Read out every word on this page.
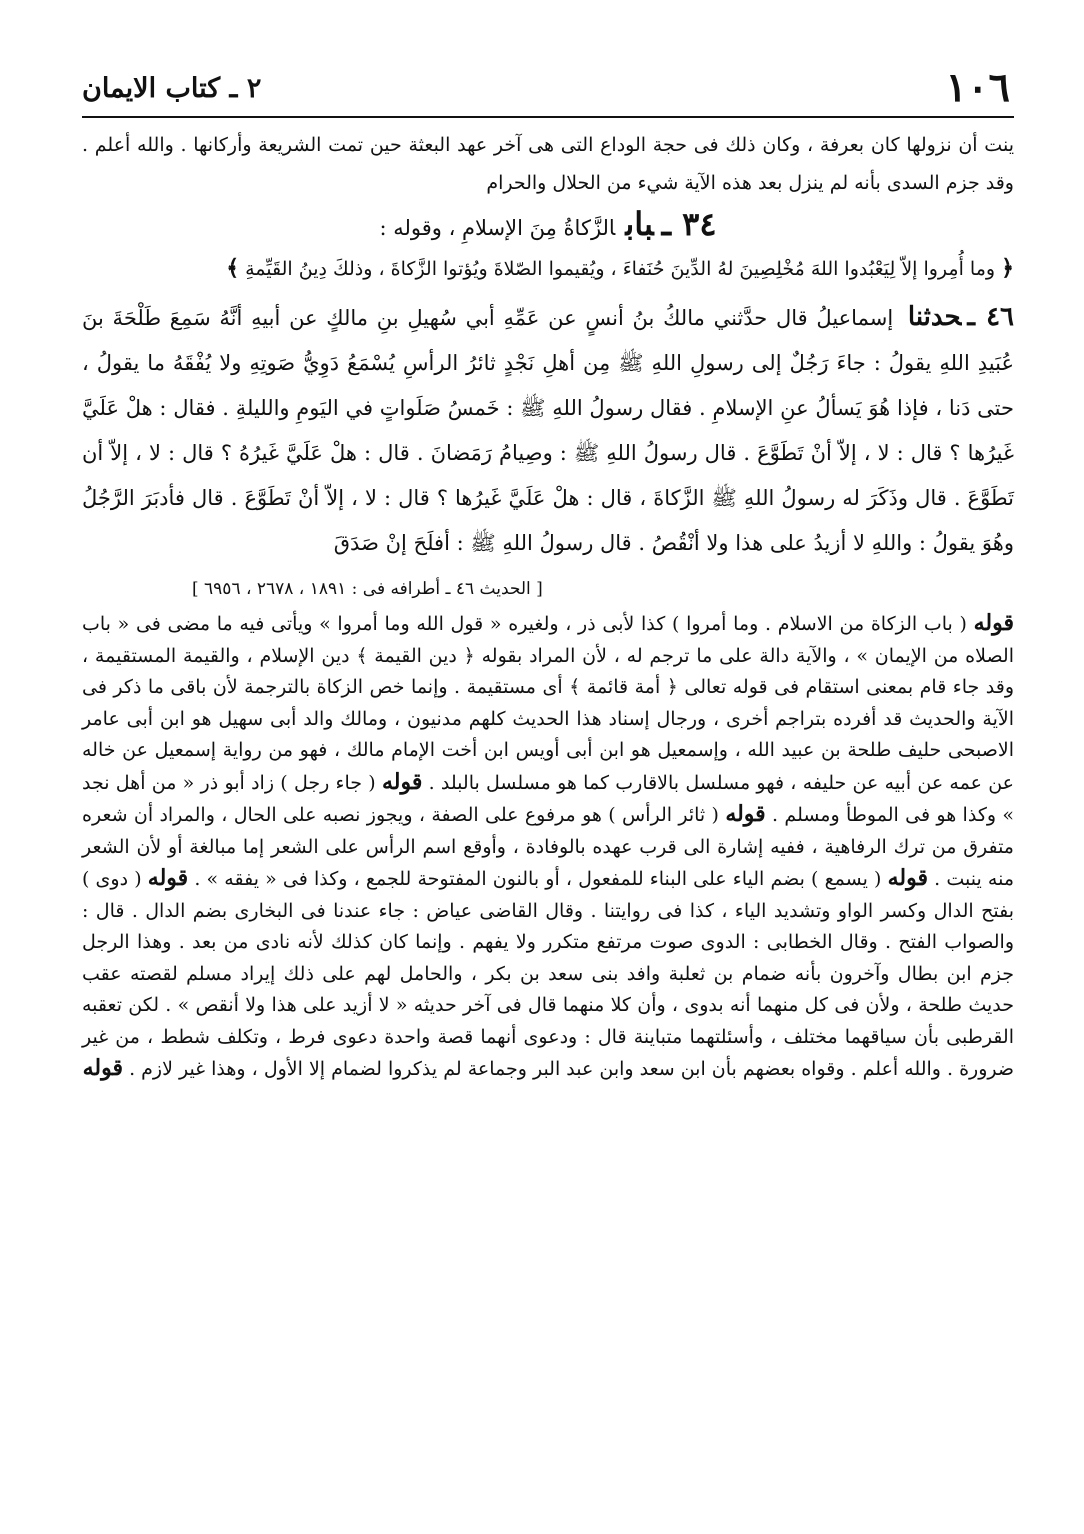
١٠٦
٢ ـ كتاب الايمان

ينت أن نزولها كان بعرفة ، وكان ذلك فى حجة الوداع التى هى آخر عهد البعثة حين تمت الشريعة وأركانها . والله أعلم . وقد جزم السدى بأنه لم ينزل بعد هذه الآية شيء من الحلال والحرام

٣٤ ـبابالزَّكاةُ مِنَ الإسلامِ ، وقوله :

﴿ وما أُمِروا إلاّ لِيَعْبُدوا اللهَ مُخْلِصِينَ لهُ الدِّينَ حُنَفاءَ ، ويُقيموا الصّلاةَ ويُؤتوا الزَّكاةَ ، وذلكَ دِينُ القَيِّمةِ ﴾

٤٦ ـحدثنا إسماعيلُ قال حدَّثني مالكُ بنُ أنسٍ عن عَمِّهِ أبي سُهيلِ بنِ مالكٍ عن أبيهِ أنَّهُ سَمِعَ طَلْحَةَ بنَ عُبَيدِ اللهِ يقولُ : جاءَ رَجُلٌ إلى رسولِ اللهِ ﷺ مِن أهلِ نَجْدٍ ثائرُ الرأسِ يُسْمَعُ دَوِيُّ صَوتِهِ ولا يُفْقَهُ ما يقولُ ، حتى دَنا ، فإذا هُوَ يَسألُ عنِ الإسلامِ . فقال رسولُ اللهِ ﷺ : خَمسُ صَلَواتٍ في اليَومِ والليلةِ . فقال : هلْ عَلَيَّ غَيرُها ؟ قال : لا ، إلاّ أنْ تَطَوَّعَ . قال رسولُ اللهِ ﷺ : وصِيامُ رَمَضانَ . قال : هلْ عَلَيَّ غَيرُهُ ؟ قال : لا ، إلاّ أن تَطَوَّعَ . قال وذَكَرَ له رسولُ اللهِ ﷺ الزَّكاةَ ، قال : هلْ عَلَيَّ غَيرُها ؟ قال : لا ، إلاّ أنْ تَطَوَّعَ . قال فأدبَرَ الرَّجُلُ وهُوَ يقولُ : واللهِ لا أزيدُ على هذا ولا أنْقُصُ . قال رسولُ اللهِ ﷺ : أفلَحَ إنْ صَدَقَ

[ الحديث ٤٦ ـ أطرافه فى : ١٨٩١ ، ٢٦٧٨ ، ٦٩٥٦ ]

قوله ( باب الزكاة من الاسلام . وما أمروا ) كذا لأبى ذر ، ولغيره « قول الله وما أمروا » ويأتى فيه ما مضى فى « باب الصلاه من الإيمان » ، والآية دالة على ما ترجم له ، لأن المراد بقوله ﴿ دين القيمة ﴾ دين الإسلام ، والقيمة المستقيمة ، وقد جاء قام بمعنى استقام فى قوله تعالى ﴿ أمة قائمة ﴾ أى مستقيمة . وإنما خص الزكاة بالترجمة لأن باقى ما ذكر فى الآية والحديث قد أفرده بتراجم أخرى ، ورجال إسناد هذا الحديث كلهم مدنيون ، ومالك والد أبى سهيل هو ابن أبى عامر الاصبحى حليف طلحة بن عبيد الله ، وإسمعيل هو ابن أبى أويس ابن أخت الإمام مالك ، فهو من رواية إسمعيل عن خاله عن عمه عن أبيه عن حليفه ، فهو مسلسل بالاقارب كما هو مسلسل بالبلد . قوله ( جاء رجل ) زاد أبو ذر « من أهل نجد » وكذا هو فى الموطأ ومسلم . قوله ( ثائر الرأس ) هو مرفوع على الصفة ، ويجوز نصبه على الحال ، والمراد أن شعره متفرق من ترك الرفاهية ، ففيه إشارة الى قرب عهده بالوفادة ، وأوقع اسم الرأس على الشعر إما مبالغة أو لأن الشعر منه ينبت . قوله ( يسمع ) بضم الياء على البناء للمفعول ، أو بالنون المفتوحة للجمع ، وكذا فى « يفقه » . قوله ( دوى ) بفتح الدال وكسر الواو وتشديد الياء ، كذا فى روايتنا . وقال القاضى عياض : جاء عندنا فى البخارى بضم الدال . قال : والصواب الفتح . وقال الخطابى : الدوى صوت مرتفع متكرر ولا يفهم . وإنما كان كذلك لأنه نادى من بعد . وهذا الرجل جزم ابن بطال وآخرون بأنه ضمام بن ثعلبة وافد بنى سعد بن بكر ، والحامل لهم على ذلك إيراد مسلم لقصته عقب حديث طلحة ، ولأن فى كل منهما أنه بدوى ، وأن كلا منهما قال فى آخر حديثه « لا أزيد على هذا ولا أنقص » . لكن تعقبه القرطبى بأن سياقهما مختلف ، وأسئلتهما متباينة قال : ودعوى أنهما قصة واحدة دعوى فرط ، وتكلف شطط ، من غير ضرورة . والله أعلم . وقواه بعضهم بأن ابن سعد وابن عبد البر وجماعة لم يذكروا لضمام إلا الأول ، وهذا غير لازم . قوله
